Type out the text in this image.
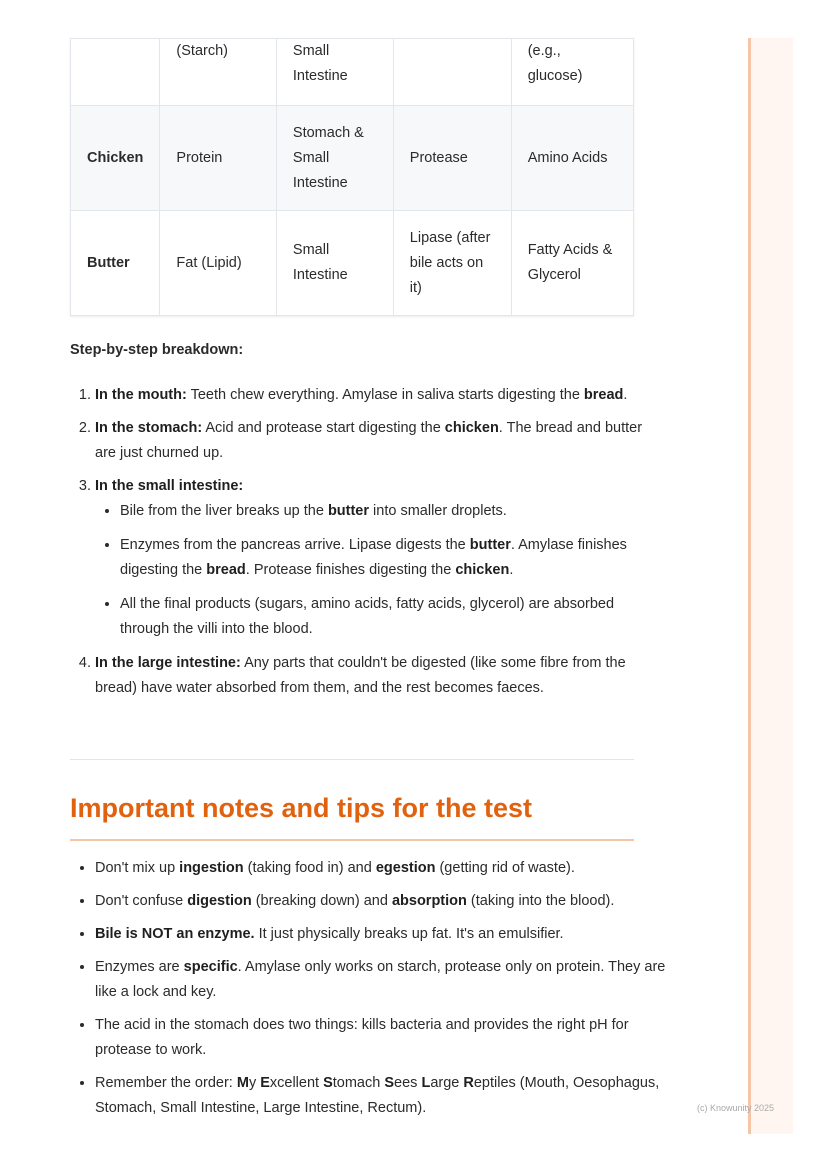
	(Starch)	Small Intestine		(e.g., glucose)
Chicken	Protein	Stomach & Small Intestine	Protease	Amino Acids
Butter	Fat (Lipid)	Small Intestine	Lipase (after bile acts on it)	Fatty Acids & Glycerol

Step-by-step breakdown:

1. In the mouth: Teeth chew everything. Amylase in saliva starts digesting the bread.
2. In the stomach: Acid and protease start digesting the chicken. The bread and butter are just churned up.
3. In the small intestine:
• Bile from the liver breaks up the butter into smaller droplets.
• Enzymes from the pancreas arrive. Lipase digests the butter. Amylase finishes digesting the bread. Protease finishes digesting the chicken.
• All the final products (sugars, amino acids, fatty acids, glycerol) are absorbed through the villi into the blood.
4. In the large intestine: Any parts that couldn't be digested (like some fibre from the bread) have water absorbed from them, and the rest becomes faeces.
Important notes and tips for the test
• Don't mix up ingestion (taking food in) and egestion (getting rid of waste).
• Don't confuse digestion (breaking down) and absorption (taking into the blood).
• Bile is NOT an enzyme. It just physically breaks up fat. It's an emulsifier.
• Enzymes are specific. Amylase only works on starch, protease only on protein. They are like a lock and key.
• The acid in the stomach does two things: kills bacteria and provides the right pH for protease to work.
• Remember the order: My Excellent Stomach Sees Large Reptiles (Mouth, Oesophagus, Stomach, Small Intestine, Large Intestine, Rectum).	(c) Knowunity 2025
